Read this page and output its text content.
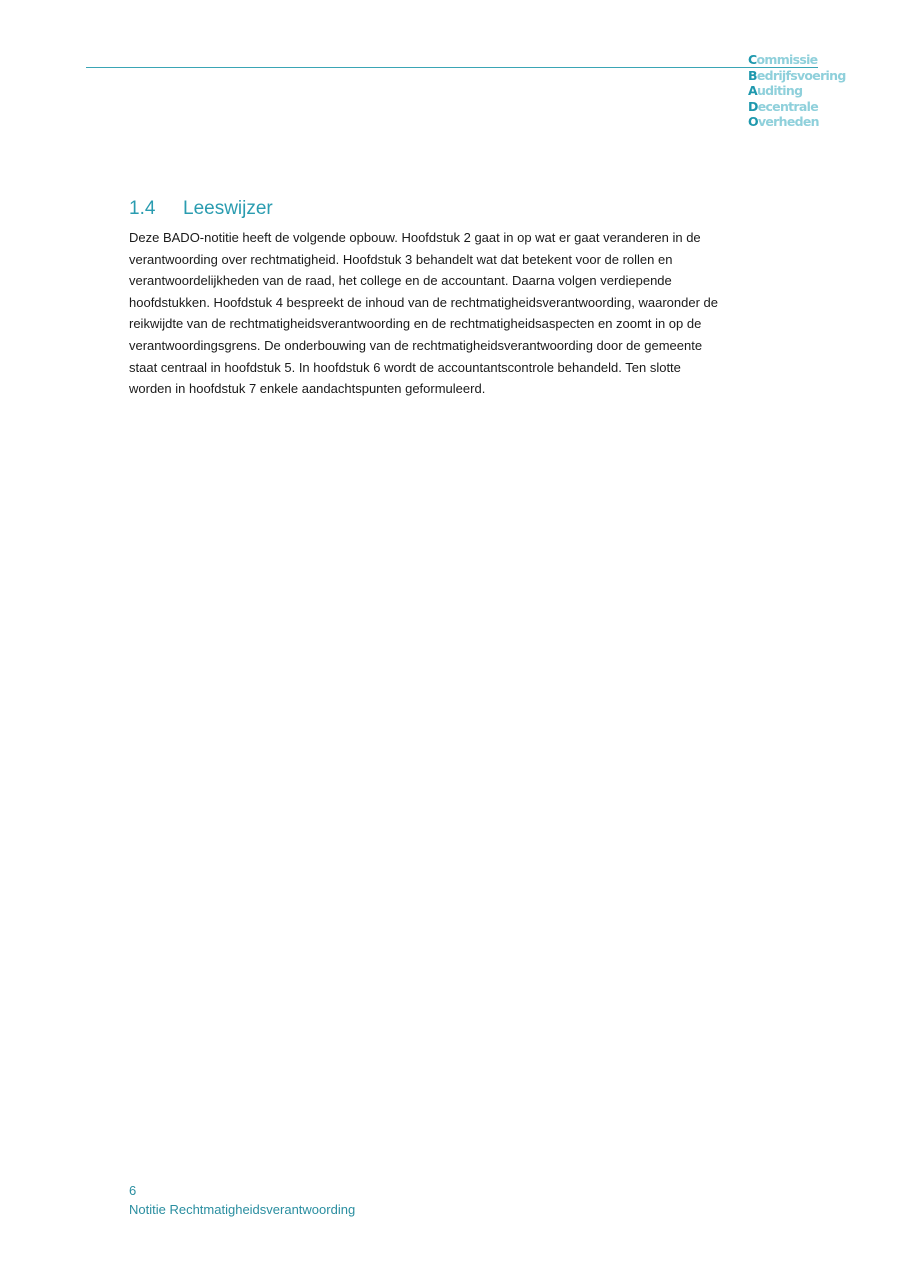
Commissie
Bedrijfsvoering
Auditing
Decentrale
Overheden
1.4 Leeswijzer
Deze BADO-notitie heeft de volgende opbouw. Hoofdstuk 2 gaat in op wat er gaat veranderen in de
verantwoording over rechtmatigheid. Hoofdstuk 3 behandelt wat dat betekent voor de rollen en
verantwoordelijkheden van de raad, het college en de accountant. Daarna volgen verdiepende
hoofdstukken. Hoofdstuk 4 bespreekt de inhoud van de rechtmatigheidsverantwoording, waaronder de
reikwijdte van de rechtmatigheidsverantwoording en de rechtmatigheidsaspecten en zoomt in op de
verantwoordingsgrens. De onderbouwing van de rechtmatigheidsverantwoording door de gemeente
staat centraal in hoofdstuk 5. In hoofdstuk 6 wordt de accountantscontrole behandeld. Ten slotte
worden in hoofdstuk 7 enkele aandachtspunten geformuleerd.
6
Notitie Rechtmatigheidsverantwoording
